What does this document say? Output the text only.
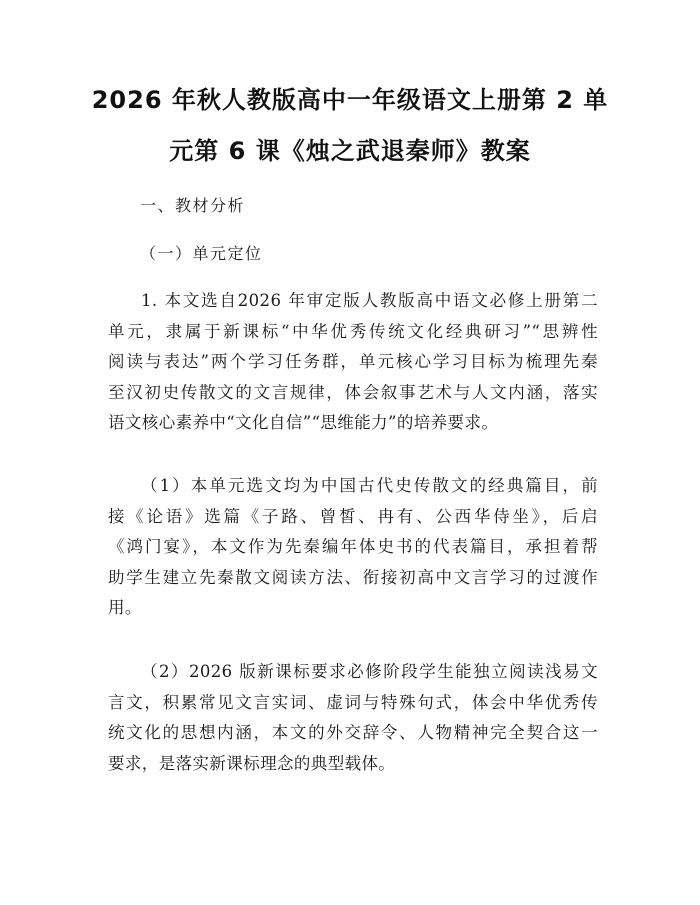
2026 年秋人教版高中一年级语文上册第 2 单
元第 6 课《烛之武退秦师》教案
一、教材分析
（一）单元定位
1. 本文选自2026 年审定版人教版高中语文必修上册第二
单元，隶属于新课标“中华优秀传统文化经典研习”“思辨性
阅读与表达”两个学习任务群，单元核心学习目标为梳理先秦
至汉初史传散文的文言规律，体会叙事艺术与人文内涵，落实
语文核心素养中“文化自信”“思维能力”的培养要求。
（1）本单元选文均为中国古代史传散文的经典篇目，前
接《论语》选篇《子路、曾皙、冉有、公西华侍坐》，后启
《鸿门宴》，本文作为先秦编年体史书的代表篇目，承担着帮
助学生建立先秦散文阅读方法、衔接初高中文言学习的过渡作
用。
（2）2026 版新课标要求必修阶段学生能独立阅读浅易文
言文，积累常见文言实词、虚词与特殊句式，体会中华优秀传
统文化的思想内涵，本文的外交辞令、人物精神完全契合这一
要求，是落实新课标理念的典型载体。
